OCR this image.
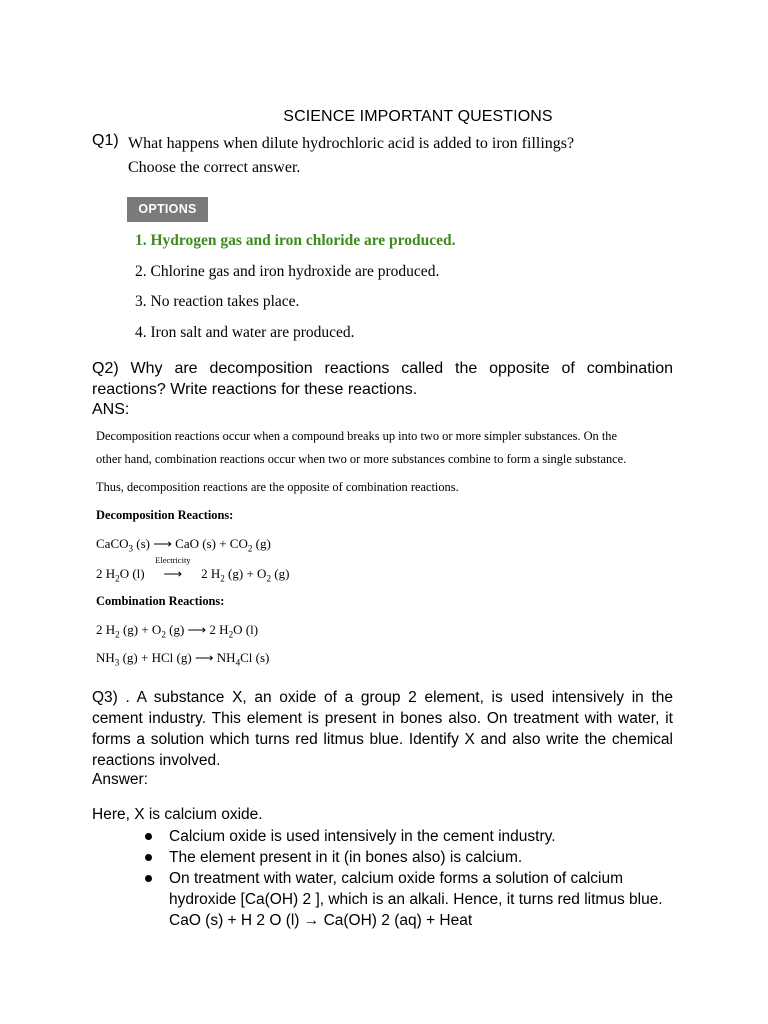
SCIENCE IMPORTANT QUESTIONS
Q1) What happens when dilute hydrochloric acid is added to iron fillings?
Choose the correct answer.
OPTIONS
1. Hydrogen gas and iron chloride are produced.
2. Chlorine gas and iron hydroxide are produced.
3. No reaction takes place.
4. Iron salt and water are produced.
Q2) Why are decomposition reactions called the opposite of combination reactions? Write reactions for these reactions.
ANS:
Decomposition reactions occur when a compound breaks up into two or more simpler substances. On the
other hand, combination reactions occur when two or more substances combine to form a single substance.
Thus, decomposition reactions are the opposite of combination reactions.
Decomposition Reactions:
CaCO$_3$ (s) ⟶ CaO $(s) + CO_2$ (g)
2 $H_2O$ (l)
Electricity
⟶ 2 $H_2$ $(g) + O_2$ (g)
Combination Reactions:
2 $H_2$ $(g) + O_2$ (g) ⟶ 2 $H_2O$ (l)
$NH_3$ (g) + HCl (g) ⟶ $NH_4Cl$ (s)
Q3) . A substance X, an oxide of a group 2 element, is used intensively in the cement industry. This element is present in bones also. On treatment with water, it forms a solution which turns red litmus blue. Identify X and also write the chemical reactions involved.
Answer:
Here, X is calcium oxide.
Calcium oxide is used intensively in the cement industry.
The element present in it (in bones also) is calcium.
On treatment with water, calcium oxide forms a solution of calcium hydroxide [Ca(OH) 2 ], which is an alkali. Hence, it turns red litmus blue.     CaO (s) + H 2 O (l) → Ca(OH) 2 (aq) + Heat
